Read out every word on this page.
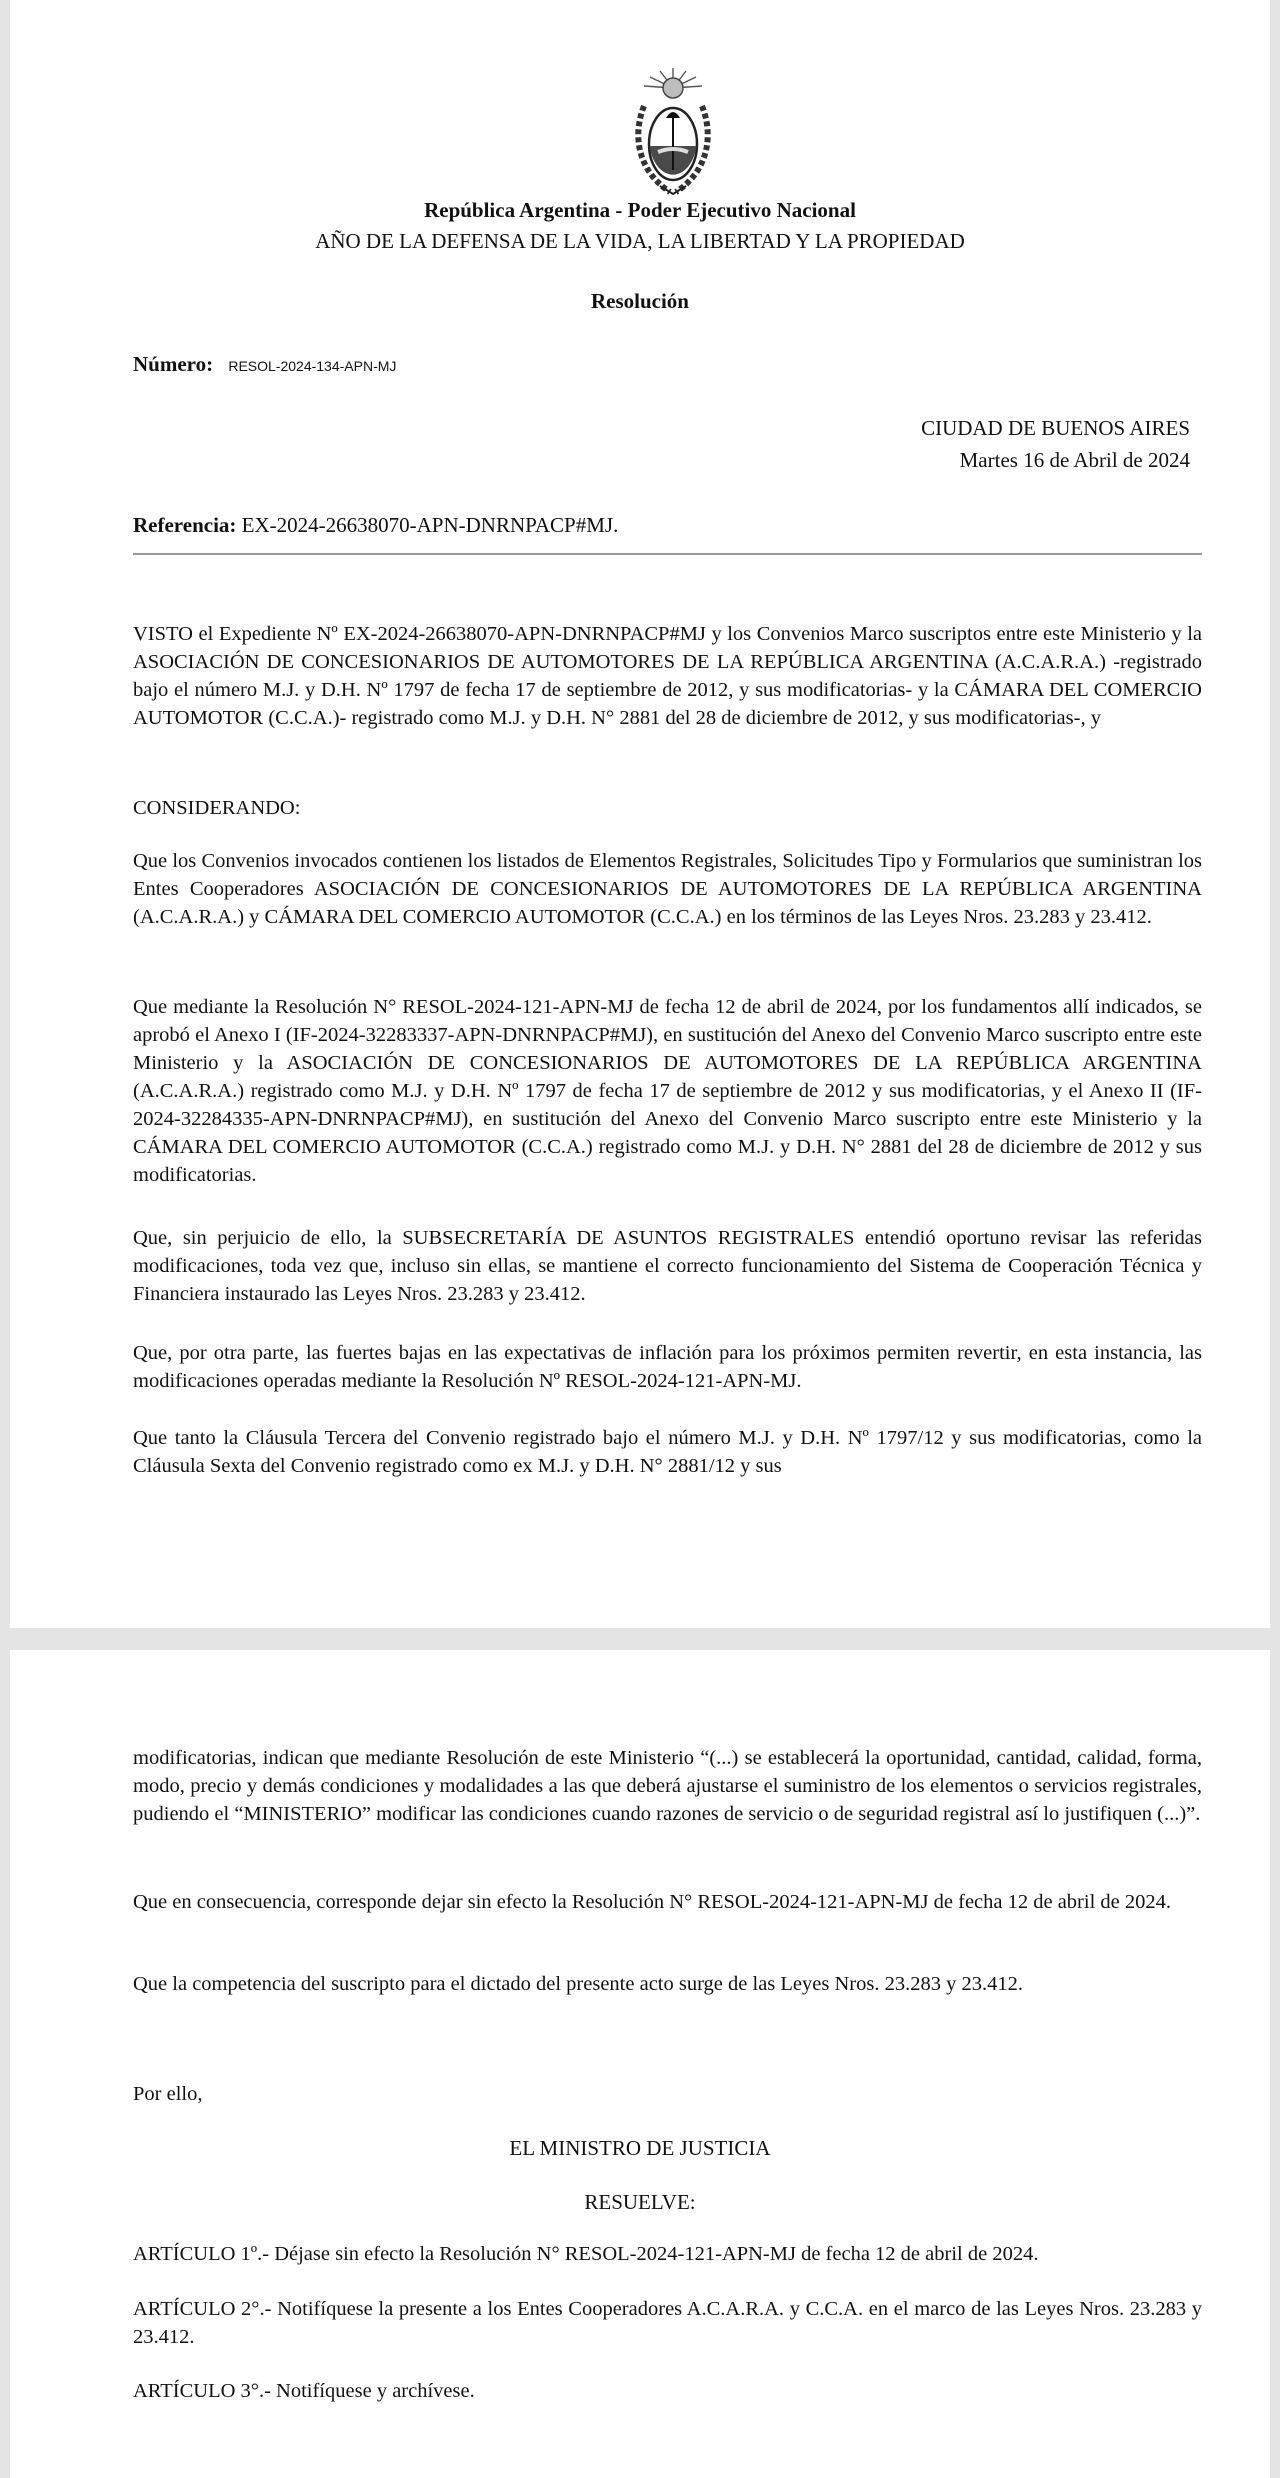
República Argentina - Poder Ejecutivo Nacional
AÑO DE LA DEFENSA DE LA VIDA, LA LIBERTAD Y LA PROPIEDAD
Resolución
Número: RESOL-2024-134-APN-MJ
CIUDAD DE BUENOS AIRES
Martes 16 de Abril de 2024
Referencia: EX-2024-26638070-APN-DNRNPACP#MJ.

VISTO el Expediente Nº EX-2024-26638070-APN-DNRNPACP#MJ y los Convenios Marco suscriptos entre este Ministerio y la ASOCIACIÓN DE CONCESIONARIOS DE AUTOMOTORES DE LA REPÚBLICA ARGENTINA (A.C.A.R.A.) -registrado bajo el número M.J. y D.H. Nº 1797 de fecha 17 de septiembre de 2012, y sus modificatorias- y la CÁMARA DEL COMERCIO AUTOMOTOR (C.C.A.)- registrado como M.J. y D.H. N° 2881 del 28 de diciembre de 2012, y sus modificatorias-, y

CONSIDERANDO:

Que los Convenios invocados contienen los listados de Elementos Registrales, Solicitudes Tipo y Formularios que suministran los Entes Cooperadores ASOCIACIÓN DE CONCESIONARIOS DE AUTOMOTORES DE LA REPÚBLICA ARGENTINA (A.C.A.R.A.) y CÁMARA DEL COMERCIO AUTOMOTOR (C.C.A.) en los términos de las Leyes Nros. 23.283 y 23.412.

Que mediante la Resolución N° RESOL-2024-121-APN-MJ de fecha 12 de abril de 2024, por los fundamentos allí indicados, se aprobó el Anexo I (IF-2024-32283337-APN-DNRNPACP#MJ), en sustitución del Anexo del Convenio Marco suscripto entre este Ministerio y la ASOCIACIÓN DE CONCESIONARIOS DE AUTOMOTORES DE LA REPÚBLICA ARGENTINA (A.C.A.R.A.) registrado como M.J. y D.H. Nº 1797 de fecha 17 de septiembre de 2012 y sus modificatorias, y el Anexo II (IF-2024-32284335-APN-DNRNPACP#MJ), en sustitución del Anexo del Convenio Marco suscripto entre este Ministerio y la CÁMARA DEL COMERCIO AUTOMOTOR (C.C.A.) registrado como M.J. y D.H. N° 2881 del 28 de diciembre de 2012 y sus modificatorias.

Que, sin perjuicio de ello, la SUBSECRETARÍA DE ASUNTOS REGISTRALES entendió oportuno revisar las referidas modificaciones, toda vez que, incluso sin ellas, se mantiene el correcto funcionamiento del Sistema de Cooperación Técnica y Financiera instaurado las Leyes Nros. 23.283 y 23.412.

Que, por otra parte, las fuertes bajas en las expectativas de inflación para los próximos permiten revertir, en esta instancia, las modificaciones operadas mediante la Resolución Nº RESOL-2024-121-APN-MJ.

Que tanto la Cláusula Tercera del Convenio registrado bajo el número M.J. y D.H. Nº 1797/12 y sus modificatorias, como la Cláusula Sexta del Convenio registrado como ex M.J. y D.H. N° 2881/12 y sus

modificatorias, indican que mediante Resolución de este Ministerio “(...) se establecerá la oportunidad, cantidad, calidad, forma, modo, precio y demás condiciones y modalidades a las que deberá ajustarse el suministro de los elementos o servicios registrales, pudiendo el “MINISTERIO” modificar las condiciones cuando razones de servicio o de seguridad registral así lo justifiquen (...)”.

Que en consecuencia, corresponde dejar sin efecto la Resolución N° RESOL-2024-121-APN-MJ de fecha 12 de abril de 2024.

Que la competencia del suscripto para el dictado del presente acto surge de las Leyes Nros. 23.283 y 23.412.

Por ello,

EL MINISTRO DE JUSTICIA
RESUELVE:

ARTÍCULO 1º.- Déjase sin efecto la Resolución N° RESOL-2024-121-APN-MJ de fecha 12 de abril de 2024.

ARTÍCULO 2°.- Notifíquese la presente a los Entes Cooperadores A.C.A.R.A. y C.C.A. en el marco de las Leyes Nros. 23.283 y 23.412.

ARTÍCULO 3°.- Notifíquese y archívese.
